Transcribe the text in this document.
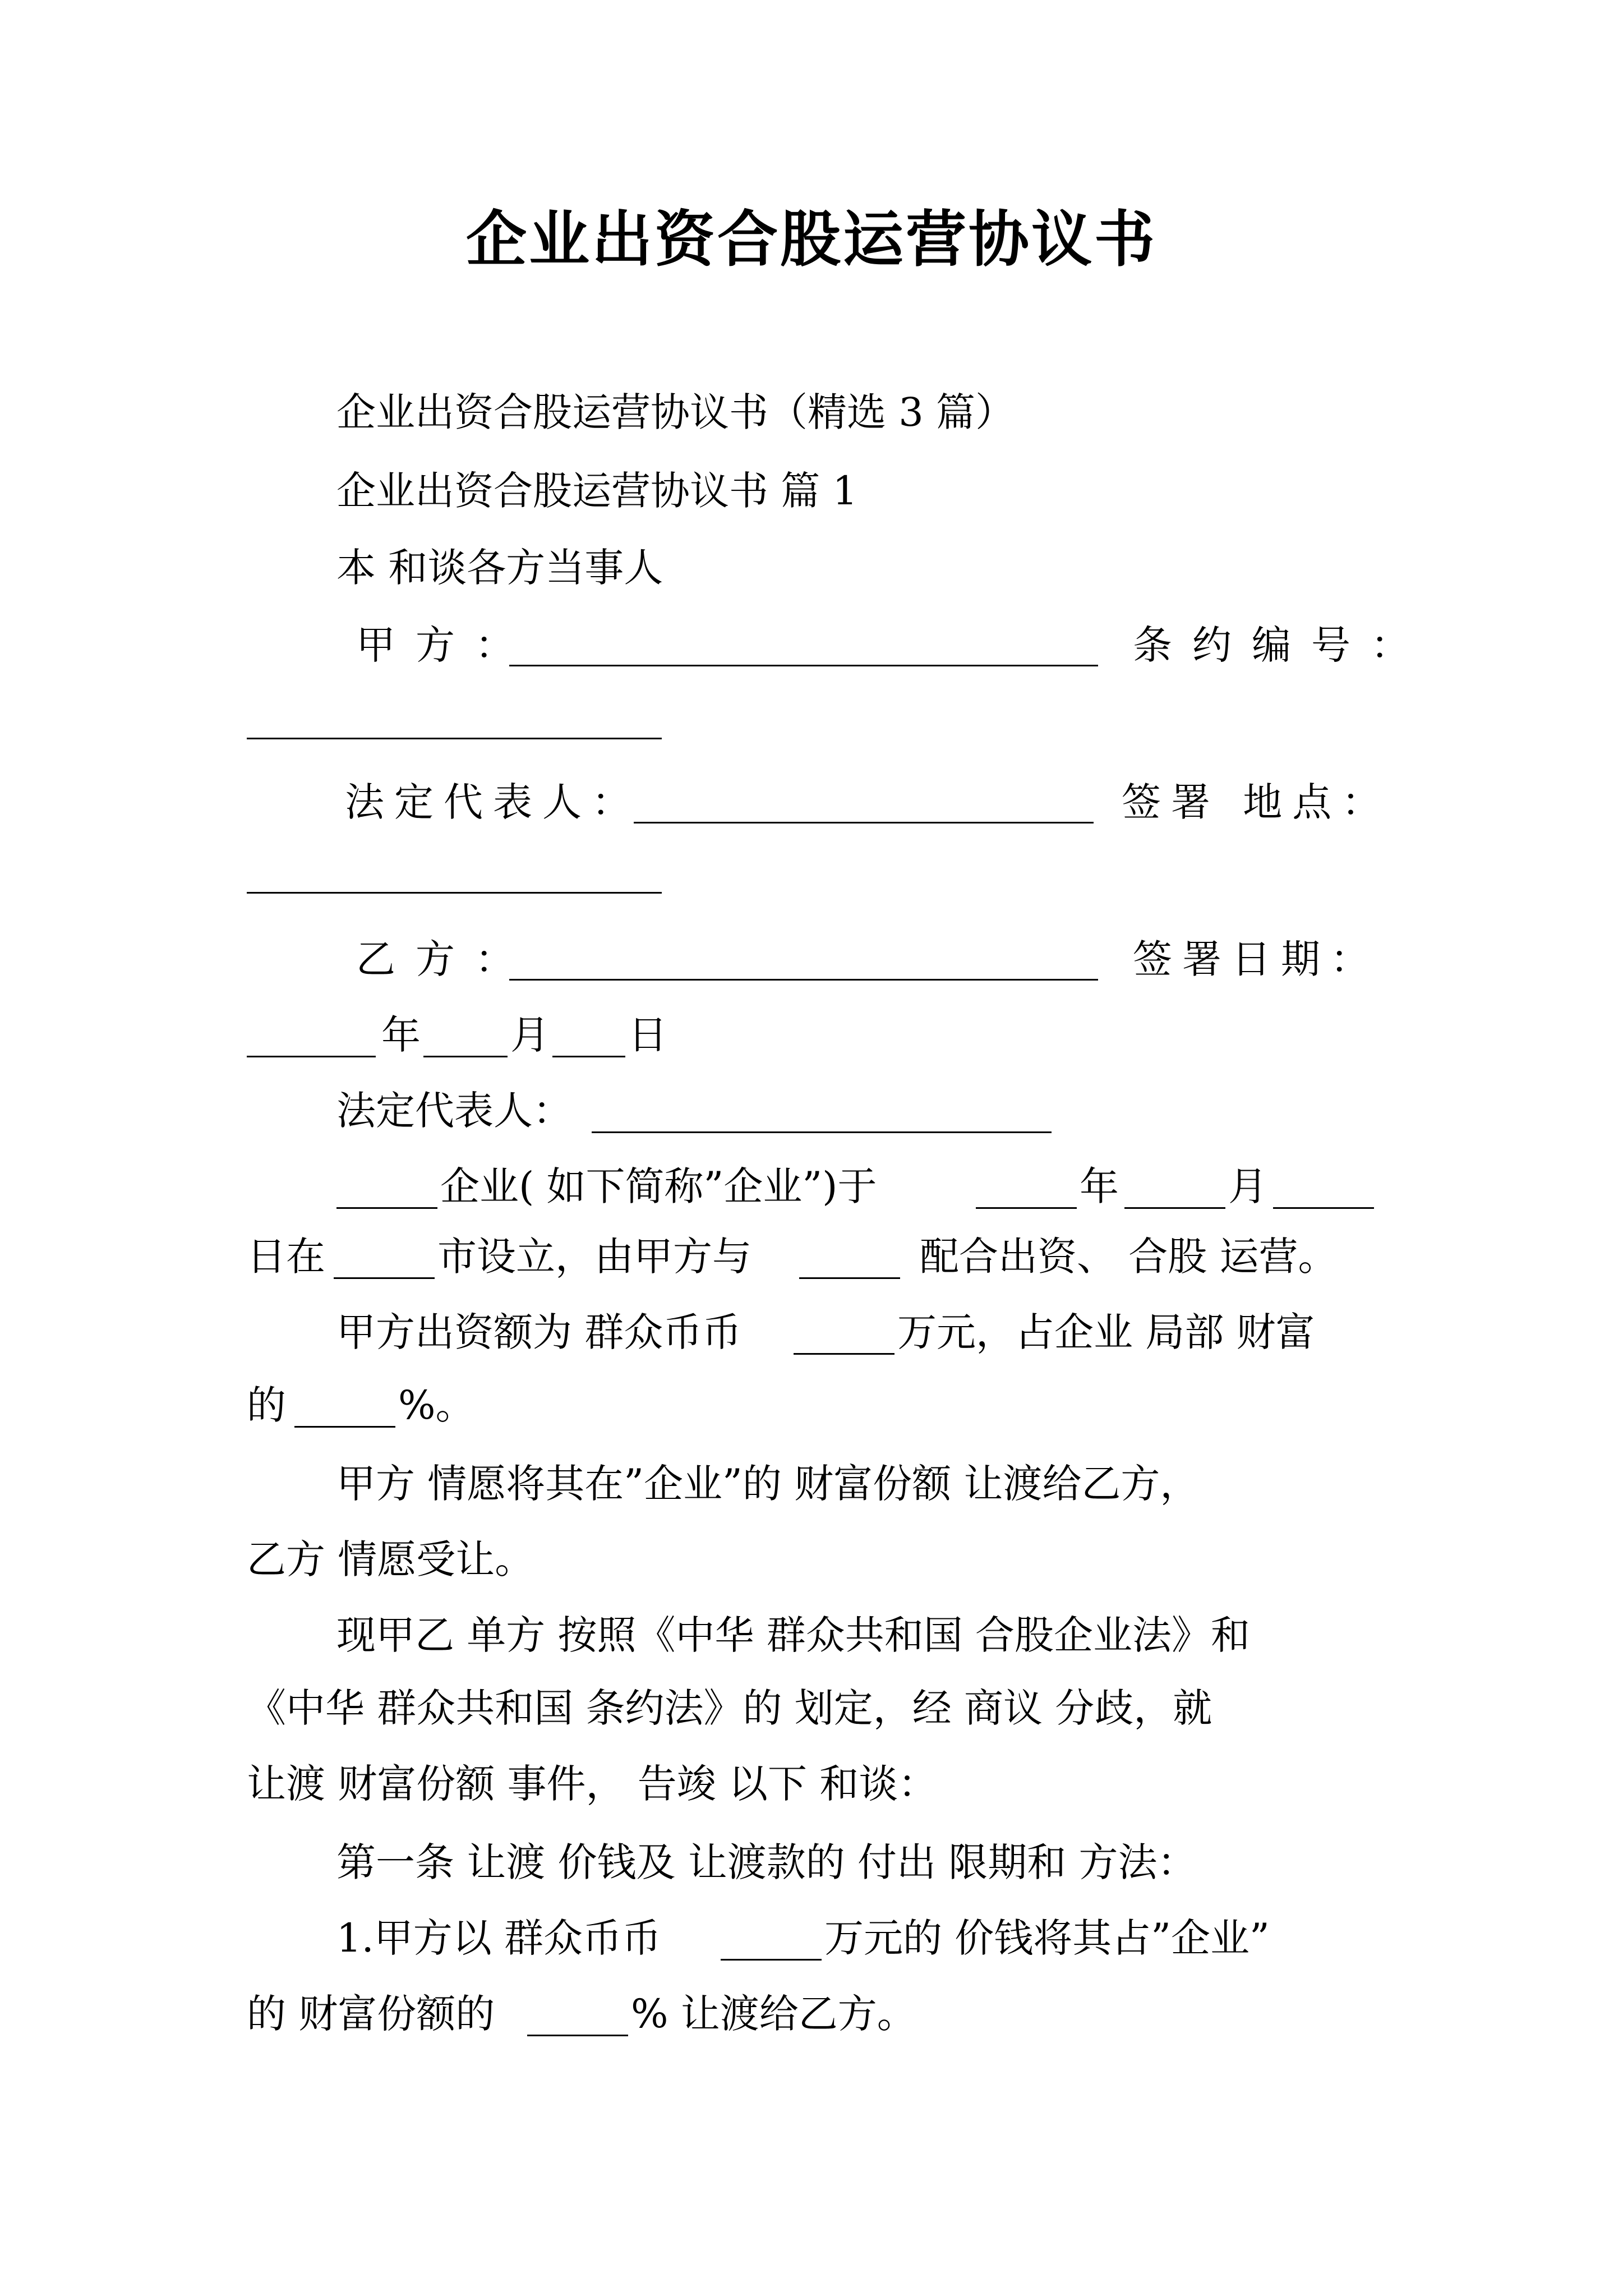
企业出资合股运营协议书
企业出资合股运营协议书（精选 3 篇）
企业出资合股运营协议书 篇 1
本 和谈各方当事人
甲方：	条约编号：
法定代表人：	签署 地点：
乙方：	签署日期：
年 月 日
法定代表人：
企业( 如下简称”企业”)于	年	月
日在	市设立，由甲方与	配合出资、 合股 运营。
甲方出资额为 群众币币	万元，占企业 局部 财富
的	%。
甲方 情愿将其在”企业”的 财富份额 让渡给乙方，
乙方 情愿受让。
现甲乙 单方 按照《中华 群众共和国 合股企业法》和
《中华 群众共和国 条约法》的 划定，经 商议 分歧，就
让渡 财富份额 事件， 告竣 以下 和谈：
第一条 让渡 价钱及 让渡款的 付出 限期和 方法：
1.甲方以 群众币币	万元的 价钱将其占”企业”
的 财富份额的	% 让渡给乙方。
